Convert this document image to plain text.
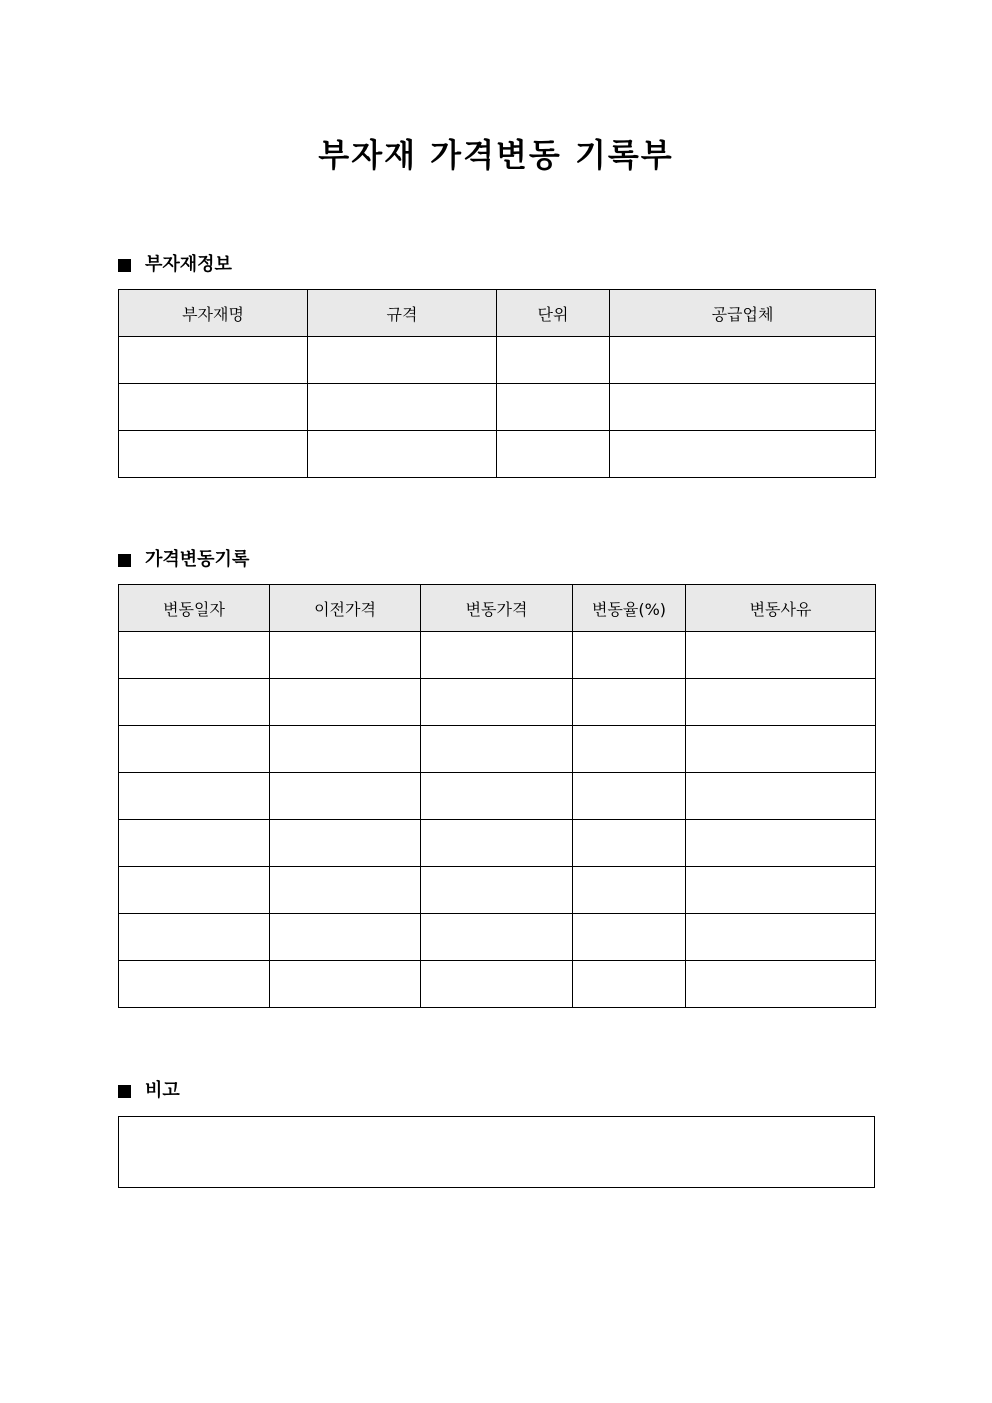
부자재 가격변동 기록부
부자재정보
부자재명	규격	단위	공급업체

가격변동기록
변동일자	이전가격	변동가격	변동율(%)	변동사유

비고
